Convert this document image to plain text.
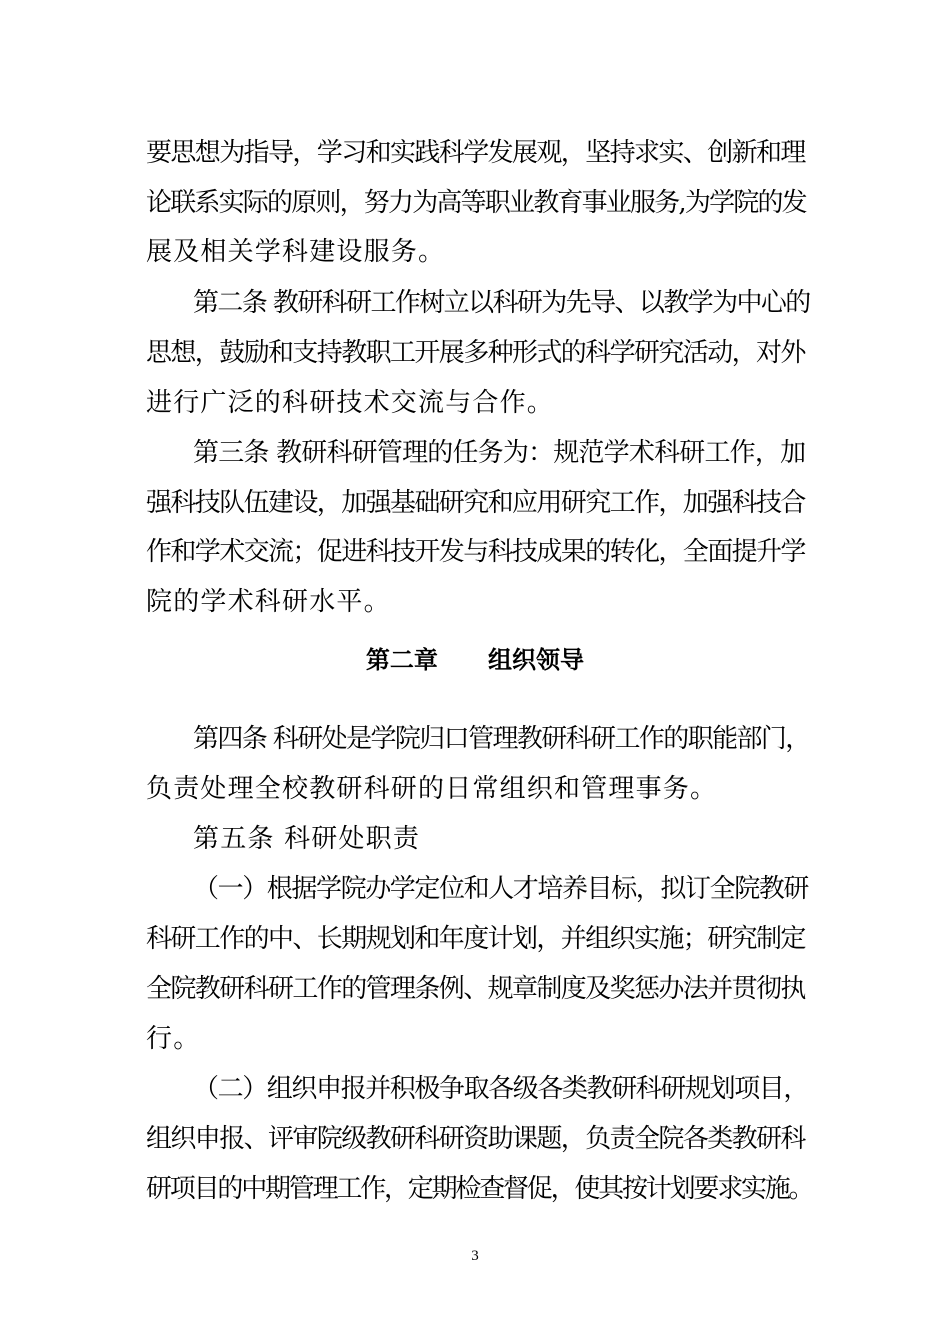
要思想为指导，学习和实践科学发展观，坚持求实、创新和理
论联系实际的原则，努力为高等职业教育事业服务,为学院的发
展及相关学科建设服务。
第二条 教研科研工作树立以科研为先导、以教学为中心的
思想，鼓励和支持教职工开展多种形式的科学研究活动，对外
进行广泛的科研技术交流与合作。
第三条 教研科研管理的任务为：规范学术科研工作，加
强科技队伍建设，加强基础研究和应用研究工作，加强科技合
作和学术交流；促进科技开发与科技成果的转化，全面提升学
院的学术科研水平。
第二章      组织领导
第四条 科研处是学院归口管理教研科研工作的职能部门，
负责处理全校教研科研的日常组织和管理事务。
第五条 科研处职责
（一）根据学院办学定位和人才培养目标，拟订全院教研
科研工作的中、长期规划和年度计划，并组织实施；研究制定
全院教研科研工作的管理条例、规章制度及奖惩办法并贯彻执
行。
（二）组织申报并积极争取各级各类教研科研规划项目，
组织申报、评审院级教研科研资助课题，负责全院各类教研科
研项目的中期管理工作，定期检查督促，使其按计划要求实施。
3
